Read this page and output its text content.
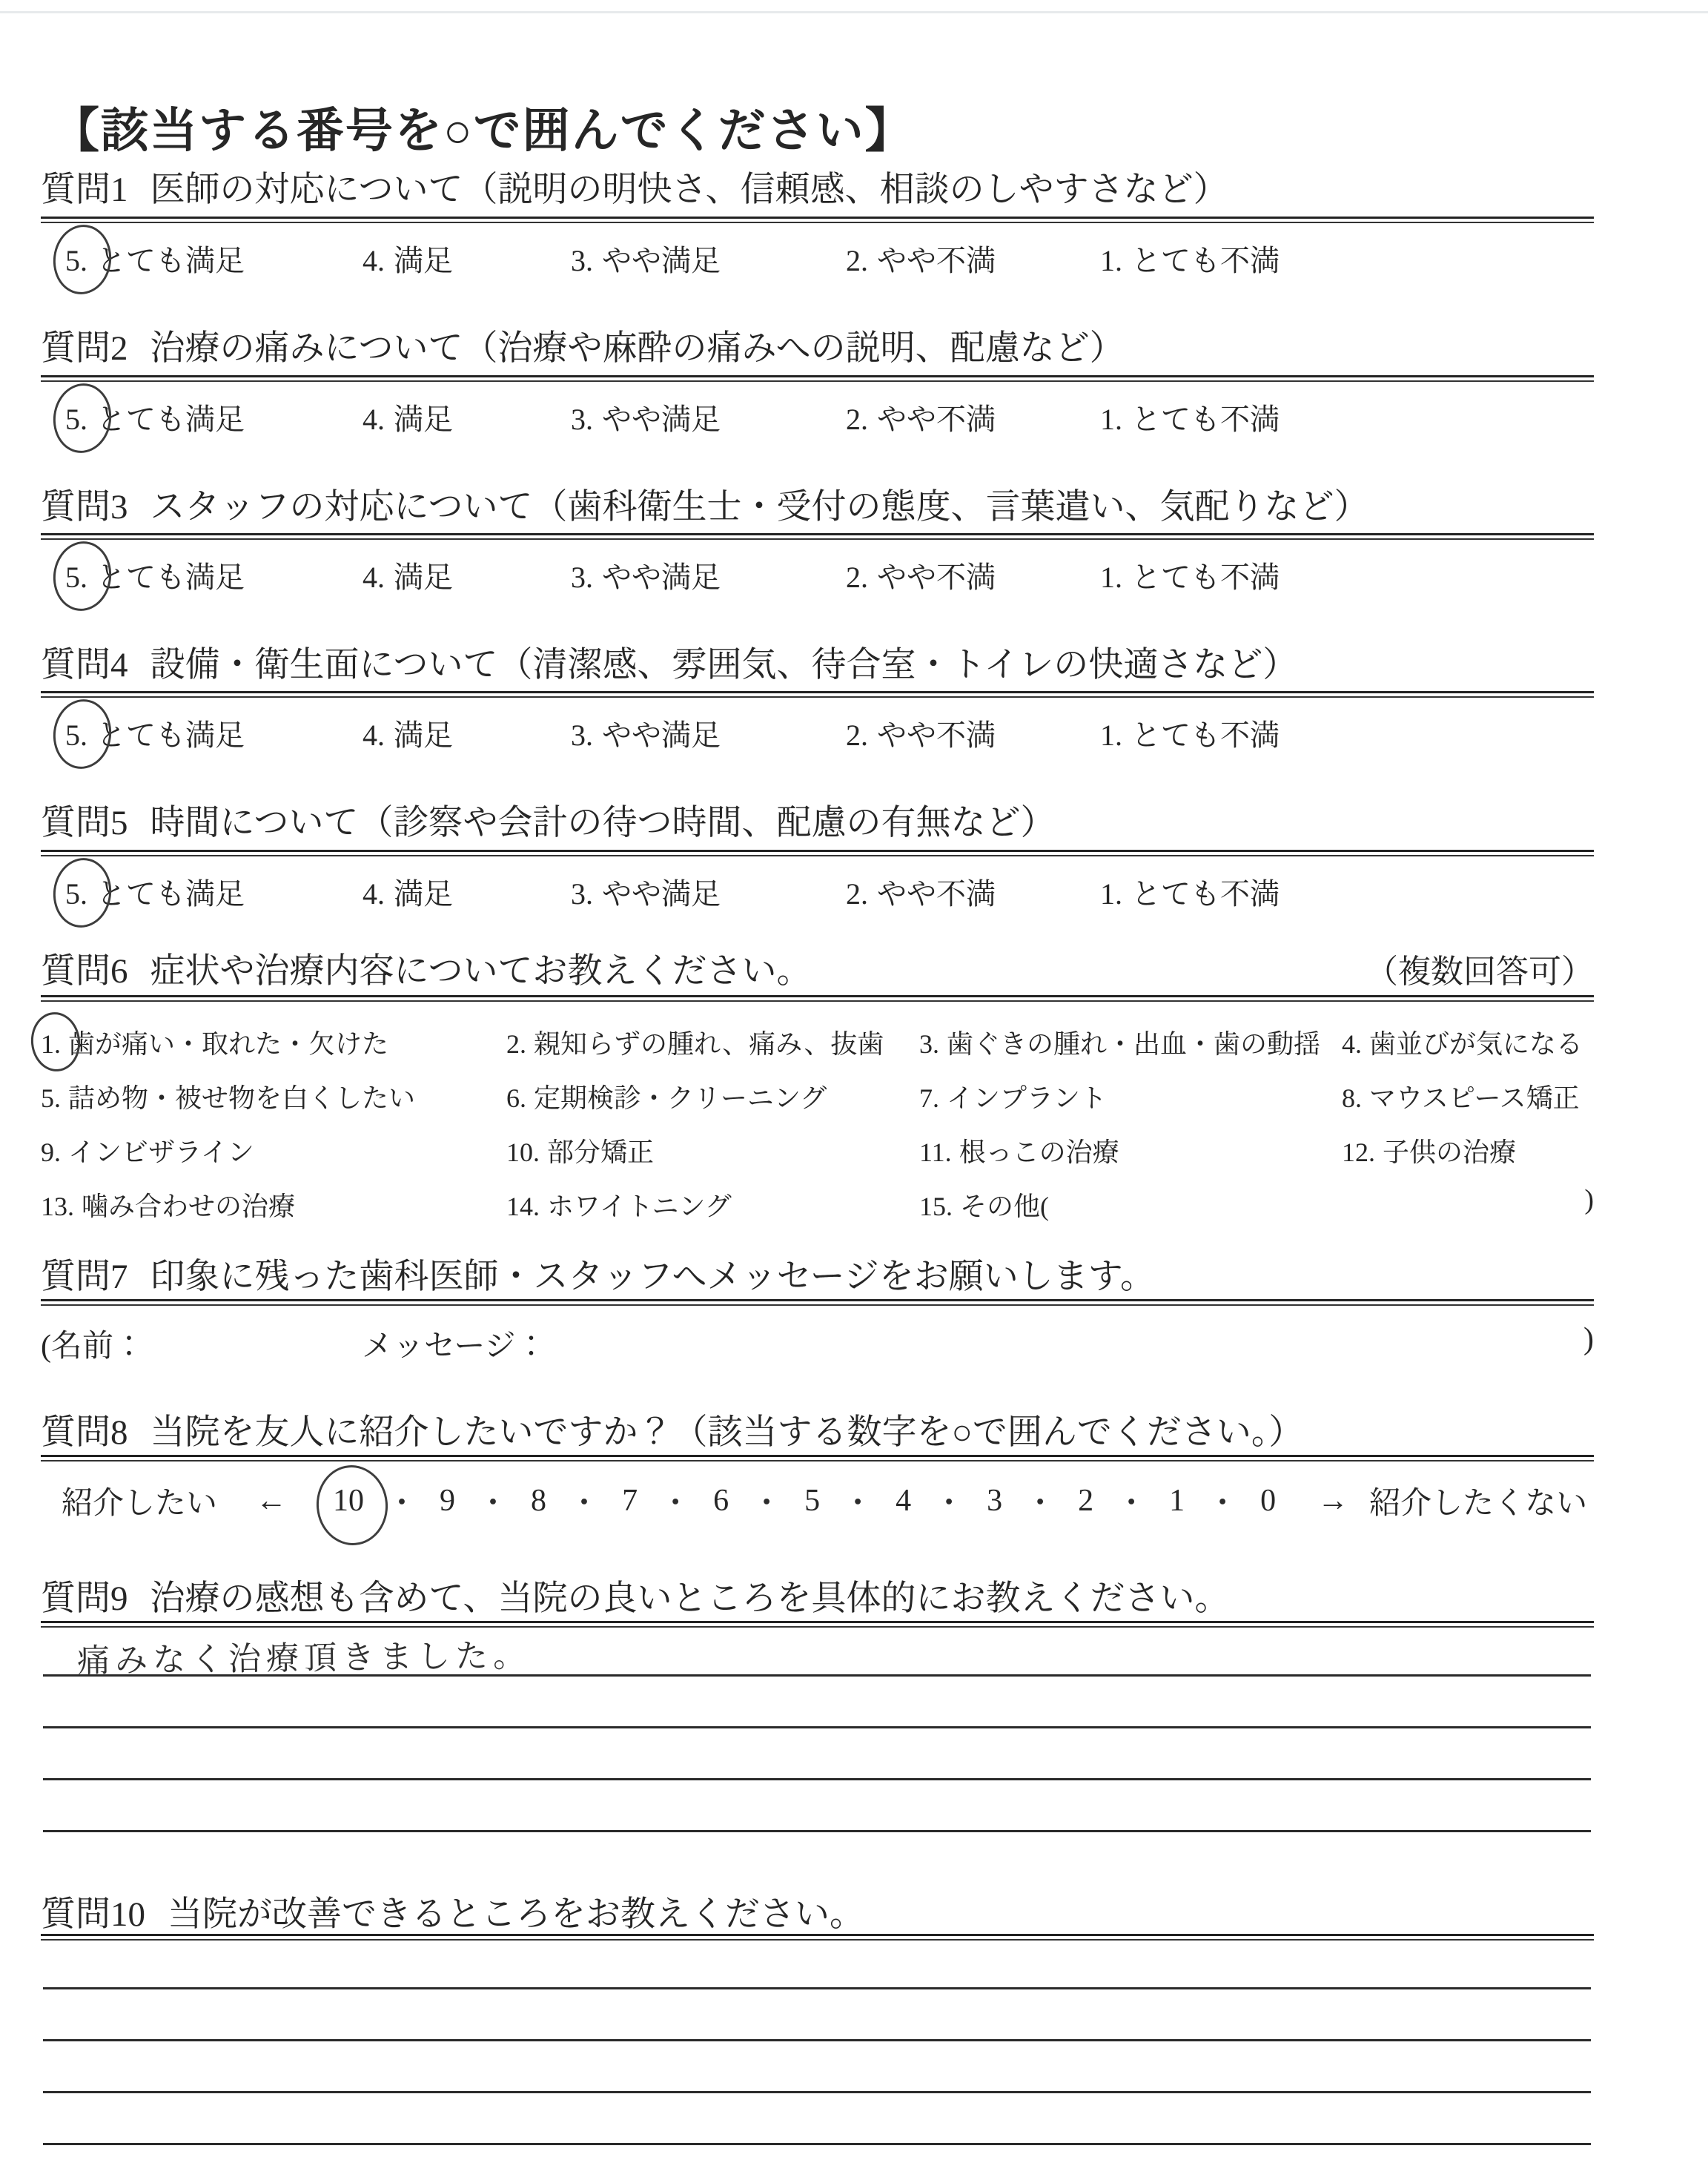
【該当する番号を○で囲んでください】
質問1 医師の対応について（説明の明快さ、信頼感、相談のしやすさなど）
5. とても満足	4. 満足	3. やや満足	2. やや不満	1. とても不満
質問2 治療の痛みについて（治療や麻酔の痛みへの説明、配慮など）
5. とても満足	4. 満足	3. やや満足	2. やや不満	1. とても不満
質問3 スタッフの対応について（歯科衛生士・受付の態度、言葉遣い、気配りなど）
5. とても満足	4. 満足	3. やや満足	2. やや不満	1. とても不満
質問4 設備・衛生面について（清潔感、雰囲気、待合室・トイレの快適さなど）
5. とても満足	4. 満足	3. やや満足	2. やや不満	1. とても不満
質問5 時間について（診察や会計の待つ時間、配慮の有無など）
5. とても満足	4. 満足	3. やや満足	2. やや不満	1. とても不満
質問6 症状や治療内容についてお教えください。	（複数回答可）
1. 歯が痛い・取れた・欠けた	2. 親知らずの腫れ、痛み、抜歯	3. 歯ぐきの腫れ・出血・歯の動揺 4. 歯並びが気になる
5. 詰め物・被せ物を白くしたい	6. 定期検診・クリーニング	7. インプラント	8. マウスピース矯正
9. インビザライン	10. 部分矯正	11. 根っこの治療	12. 子供の治療
13. 噛み合わせの治療	14. ホワイトニング	15. その他(	)
質問7 印象に残った歯科医師・スタッフへメッセージをお願いします。
(名前：	メッセージ：	)
質問8 当院を友人に紹介したいですか？（該当する数字を○で囲んでください。）
紹介したい ← 10 ・ 9 ・ 8 ・ 7 ・ 6 ・ 5 ・ 4 ・ 3 ・ 2 ・ 1 ・ 0 → 紹介したくない
質問9 治療の感想も含めて、当院の良いところを具体的にお教えください。
痛みなく治療頂きました。
質問10 当院が改善できるところをお教えください。
